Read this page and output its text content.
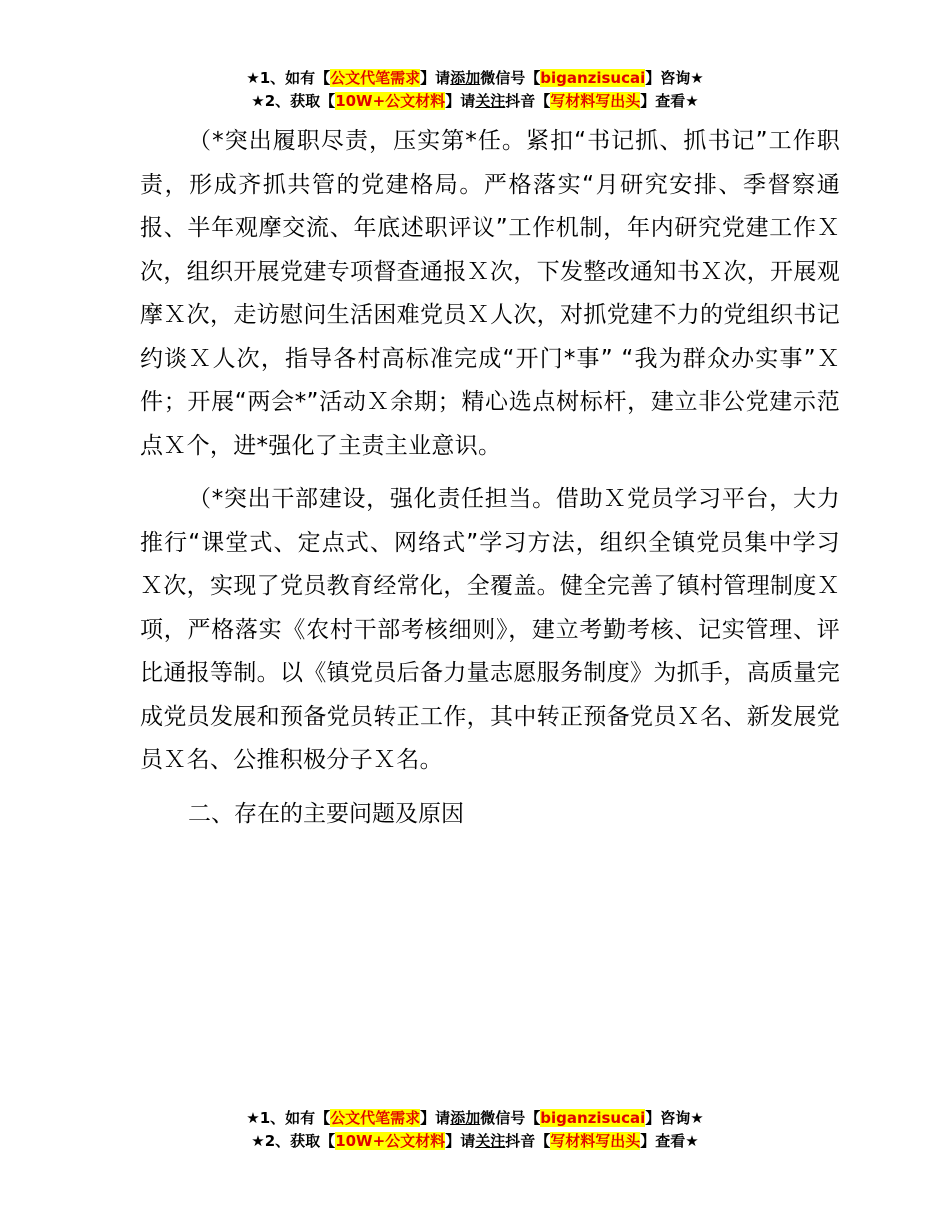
★1、如有【公文代笔需求】请添加微信号【biganzisucai】咨询★
★2、获取【10W+公文材料】请关注抖音【写材料写出头】查看★

（*突出履职尽责，压实第*任。紧扣“书记抓、抓书记”工作职责，形成齐抓共管的党建格局。严格落实“月研究安排、季督察通报、半年观摩交流、年底述职评议”工作机制，年内研究党建工作Ｘ次，组织开展党建专项督查通报Ｘ次，下发整改通知书Ｘ次，开展观摩Ｘ次，走访慰问生活困难党员Ｘ人次，对抓党建不力的党组织书记约谈Ｘ人次，指导各村高标准完成“开门*事” “我为群众办实事”Ｘ件；开展“两会*”活动Ｘ余期；精心选点树标杆，建立非公党建示范点Ｘ个，进*强化了主责主业意识。

（*突出干部建设，强化责任担当。借助Ｘ党员学习平台，大力推行“课堂式、定点式、网络式”学习方法，组织全镇党员集中学习Ｘ次，实现了党员教育经常化，全覆盖。健全完善了镇村管理制度Ｘ项，严格落实《农村干部考核细则》，建立考勤考核、记实管理、评比通报等制。以《镇党员后备力量志愿服务制度》为抓手，高质量完成党员发展和预备党员转正工作，其中转正预备党员Ｘ名、新发展党员Ｘ名、公推积极分子Ｘ名。

二、存在的主要问题及原因

★1、如有【公文代笔需求】请添加微信号【biganzisucai】咨询★
★2、获取【10W+公文材料】请关注抖音【写材料写出头】查看★
